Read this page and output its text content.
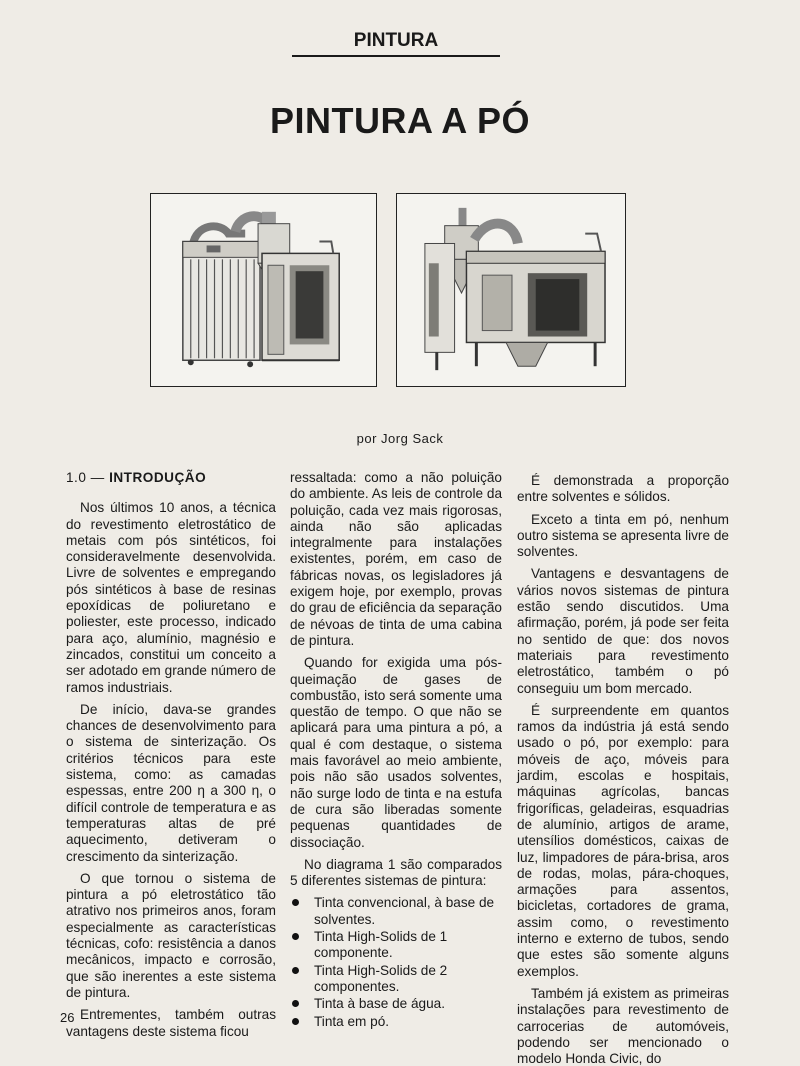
PINTURA
PINTURA A PÓ
por Jorg Sack
1.0 — INTRODUÇÃO

Nos últimos 10 anos, a técnica do revestimento eletrostático de metais com pós sintéticos, foi consideravelmente desenvolvida. Livre de solventes e empregando pós sintéticos à base de resinas epoxídicas de poliuretano e poliester, este processo, indicado para aço, alumínio, magnésio e zincados, constitui um conceito a ser adotado em grande número de ramos industriais.

De início, dava-se grandes chances de desenvolvimento para o sistema de sinterização. Os critérios técnicos para este sistema, como: as camadas espessas, entre 200 η a 300 η, o difícil controle de temperatura e as temperaturas altas de pré aquecimento, detiveram o crescimento da sinterização.

O que tornou o sistema de pintura a pó eletrostático tão atrativo nos primeiros anos, foram especialmente as características técnicas, cofo: resistência a danos mecânicos, impacto e corrosão, que são inerentes a este sistema de pintura.

Entrementes, também outras vantagens deste sistema ficou

ressaltada: como a não poluição do ambiente. As leis de controle da poluição, cada vez mais rigorosas, ainda não são aplicadas integralmente para instalações existentes, porém, em caso de fábricas novas, os legisladores já exigem hoje, por exemplo, provas do grau de eficiência da separação de névoas de tinta de uma cabina de pintura.

Quando for exigida uma pós-queimação de gases de combustão, isto será somente uma questão de tempo. O que não se aplicará para uma pintura a pó, a qual é com destaque, o sistema mais favorável ao meio ambiente, pois não são usados solventes, não surge lodo de tinta e na estufa de cura são liberadas somente pequenas quantidades de dissociação.

No diagrama 1 são comparados 5 diferentes sistemas de pintura:

Tinta convencional, à base de solventes.
Tinta High-Solids de 1 componente.
Tinta High-Solids de 2 componentes.
Tinta à base de água.
Tinta em pó.

É demonstrada a proporção entre solventes e sólidos.

Exceto a tinta em pó, nenhum outro sistema se apresenta livre de solventes.

Vantagens e desvantagens de vários novos sistemas de pintura estão sendo discutidos. Uma afirmação, porém, já pode ser feita no sentido de que: dos novos materiais para revestimento eletrostático, também o pó conseguiu um bom mercado.

É surpreendente em quantos ramos da indústria já está sendo usado o pó, por exemplo: para móveis de aço, móveis para jardim, escolas e hospitais, máquinas agrícolas, bancas frigoríficas, geladeiras, esquadrias de alumínio, artigos de arame, utensílios domésticos, caixas de luz, limpadores de pára-brisa, aros de rodas, molas, pára-choques, armações para assentos, bicicletas, cortadores de grama, assim como, o revestimento interno e externo de tubos, sendo que estes são somente alguns exemplos.

Também já existem as primeiras instalações para revestimento de carrocerias de automóveis, podendo ser mencionado o modelo Honda Civic, do

26
